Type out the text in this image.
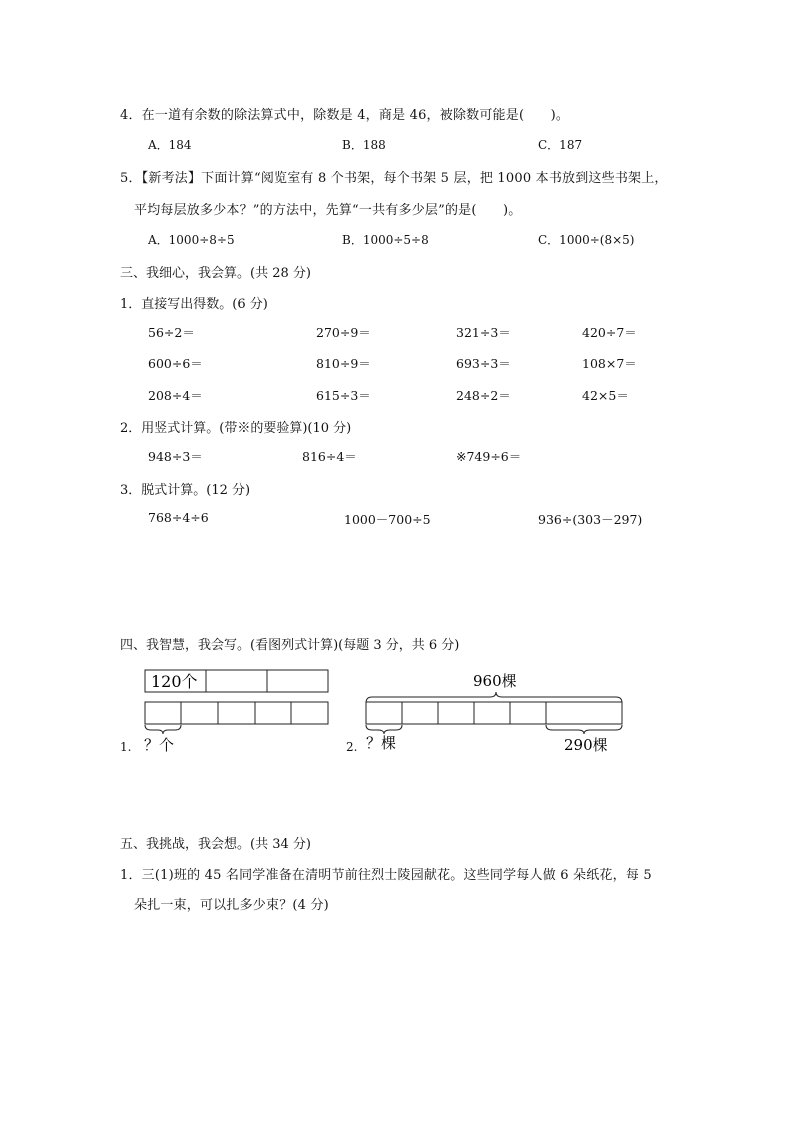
4．在一道有余数的除法算式中，除数是 4，商是 46，被除数可能是(　　)。
A．184	B．188	C．187
5．【新考法】下面计算“阅览室有 8 个书架，每个书架 5 层，把 1000 本书放到这些书架上，
平均每层放多少本？”的方法中，先算“一共有多少层”的是(　　)。
A．1000÷8÷5	B．1000÷5÷8	C．1000÷(8×5)
三、我细心，我会算。(共 28 分)
1．直接写出得数。(6 分)
56÷2＝	270÷9＝	321÷3＝	420÷7＝
600÷6＝	810÷9＝	693÷3＝	108×7＝
208÷4＝	615÷3＝	248÷2＝	42×5＝
2．用竖式计算。(带※的要验算)(10 分)
948÷3＝	816÷4＝	※749÷6＝
3．脱式计算。(12 分)
768÷4÷6	1000－700÷5	936÷(303－297)
四、我智慧，我会写。(看图列式计算)(每题 3 分，共 6 分)
120个
？个
1.
960棵
？棵	290棵
2.
五、我挑战，我会想。(共 34 分)
1．三(1)班的 45 名同学准备在清明节前往烈士陵园献花。这些同学每人做 6 朵纸花，每 5
朵扎一束，可以扎多少束？(4 分)
